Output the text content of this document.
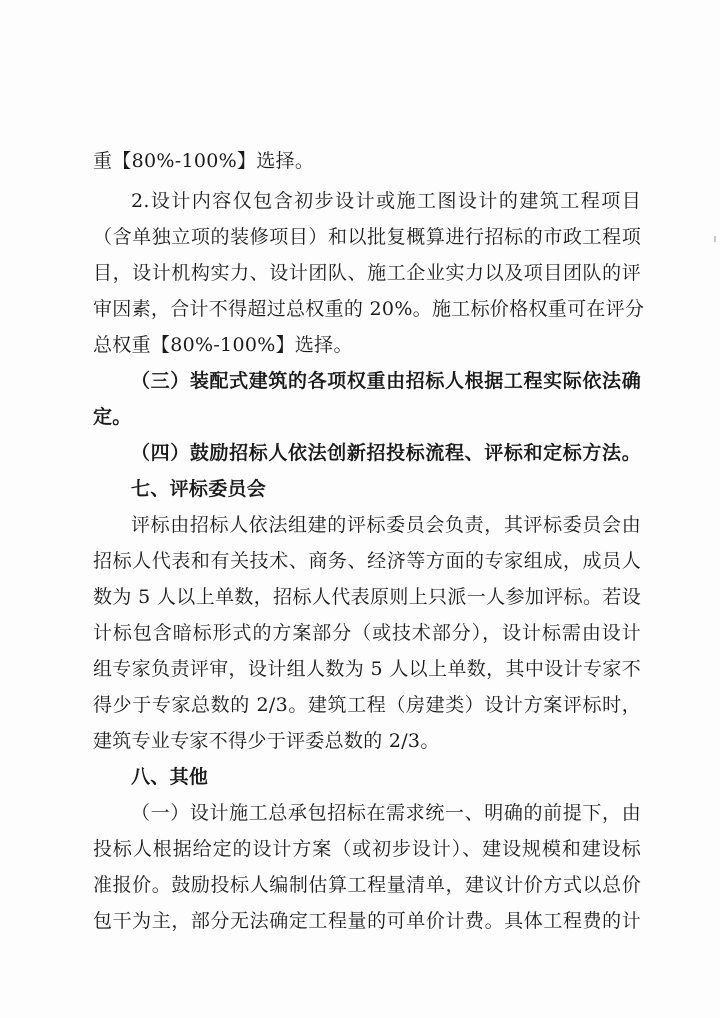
重【80%-100%】选择。
2.设计内容仅包含初步设计或施工图设计的建筑工程项目
（含单独立项的装修项目）和以批复概算进行招标的市政工程项
目，设计机构实力、设计团队、施工企业实力以及项目团队的评
审因素，合计不得超过总权重的 20%。施工标价格权重可在评分
总权重【80%-100%】选择。
（三）装配式建筑的各项权重由招标人根据工程实际依法确
定。
（四）鼓励招标人依法创新招投标流程、评标和定标方法。
七、评标委员会
评标由招标人依法组建的评标委员会负责，其评标委员会由
招标人代表和有关技术、商务、经济等方面的专家组成，成员人
数为 5 人以上单数，招标人代表原则上只派一人参加评标。若设
计标包含暗标形式的方案部分（或技术部分），设计标需由设计
组专家负责评审，设计组人数为 5 人以上单数，其中设计专家不
得少于专家总数的 2/3。建筑工程（房建类）设计方案评标时，
建筑专业专家不得少于评委总数的 2/3。
八、其他
（一）设计施工总承包招标在需求统一、明确的前提下，由
投标人根据给定的设计方案（或初步设计）、建设规模和建设标
准报价。鼓励投标人编制估算工程量清单，建议计价方式以总价
包干为主，部分无法确定工程量的可单价计费。具体工程费的计
